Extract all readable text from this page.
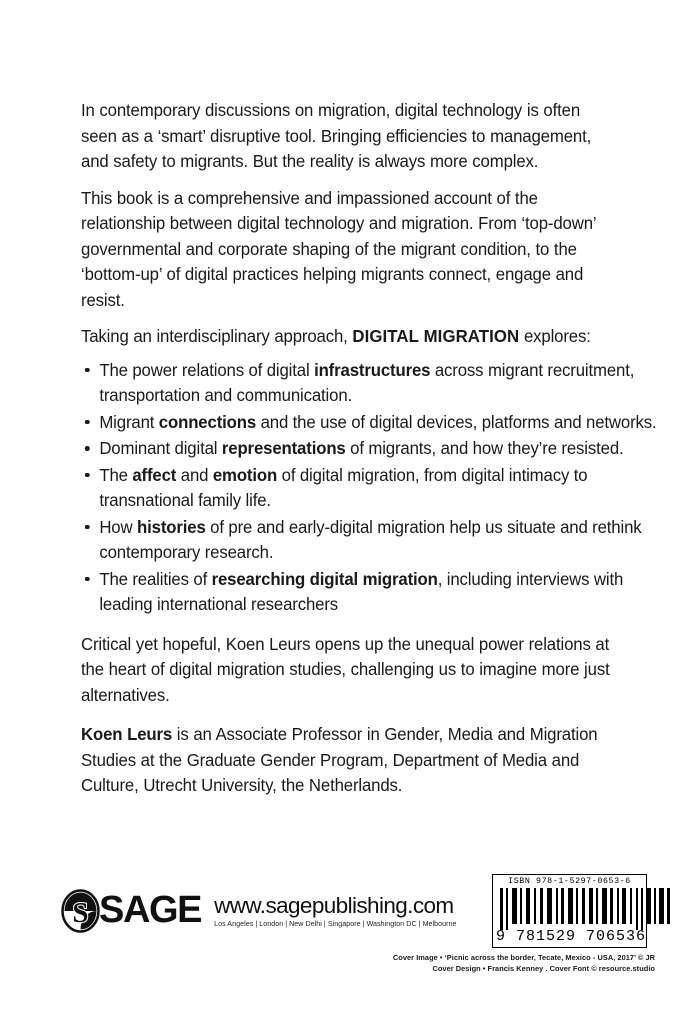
In contemporary discussions on migration, digital technology is often seen as a ‘smart’ disruptive tool. Bringing efficiencies to management, and safety to migrants. But the reality is always more complex.

This book is a comprehensive and impassioned account of the relationship between digital technology and migration. From ‘top-down’ governmental and corporate shaping of the migrant condition, to the ‘bottom-up’ of digital practices helping migrants connect, engage and resist.

Taking an interdisciplinary approach, DIGITAL MIGRATION explores:

The power relations of digital infrastructures across migrant recruitment, transportation and communication.
Migrant connections and the use of digital devices, platforms and networks.
Dominant digital representations of migrants, and how they’re resisted.
The affect and emotion of digital migration, from digital intimacy to transnational family life.
How histories of pre and early-digital migration help us situate and rethink contemporary research.
The realities of researching digital migration, including interviews with leading international researchers

Critical yet hopeful, Koen Leurs opens up the unequal power relations at the heart of digital migration studies, challenging us to imagine more just alternatives.

Koen Leurs is an Associate Professor in Gender, Media and Migration Studies at the Graduate Gender Program, Department of Media and Culture, Utrecht University, the Netherlands.

S SAGE www.sagepublishing.com
Los Angeles | London | New Delhi | Singapore | Washington DC | Melbourne
ISBN 978-1-5297-0653-6
9 781529 706536
Cover Image • ‘Picnic across the border, Tecate, Mexico - USA, 2017’ © JR
Cover Design • Francis Kenney . Cover Font © resource.studio
